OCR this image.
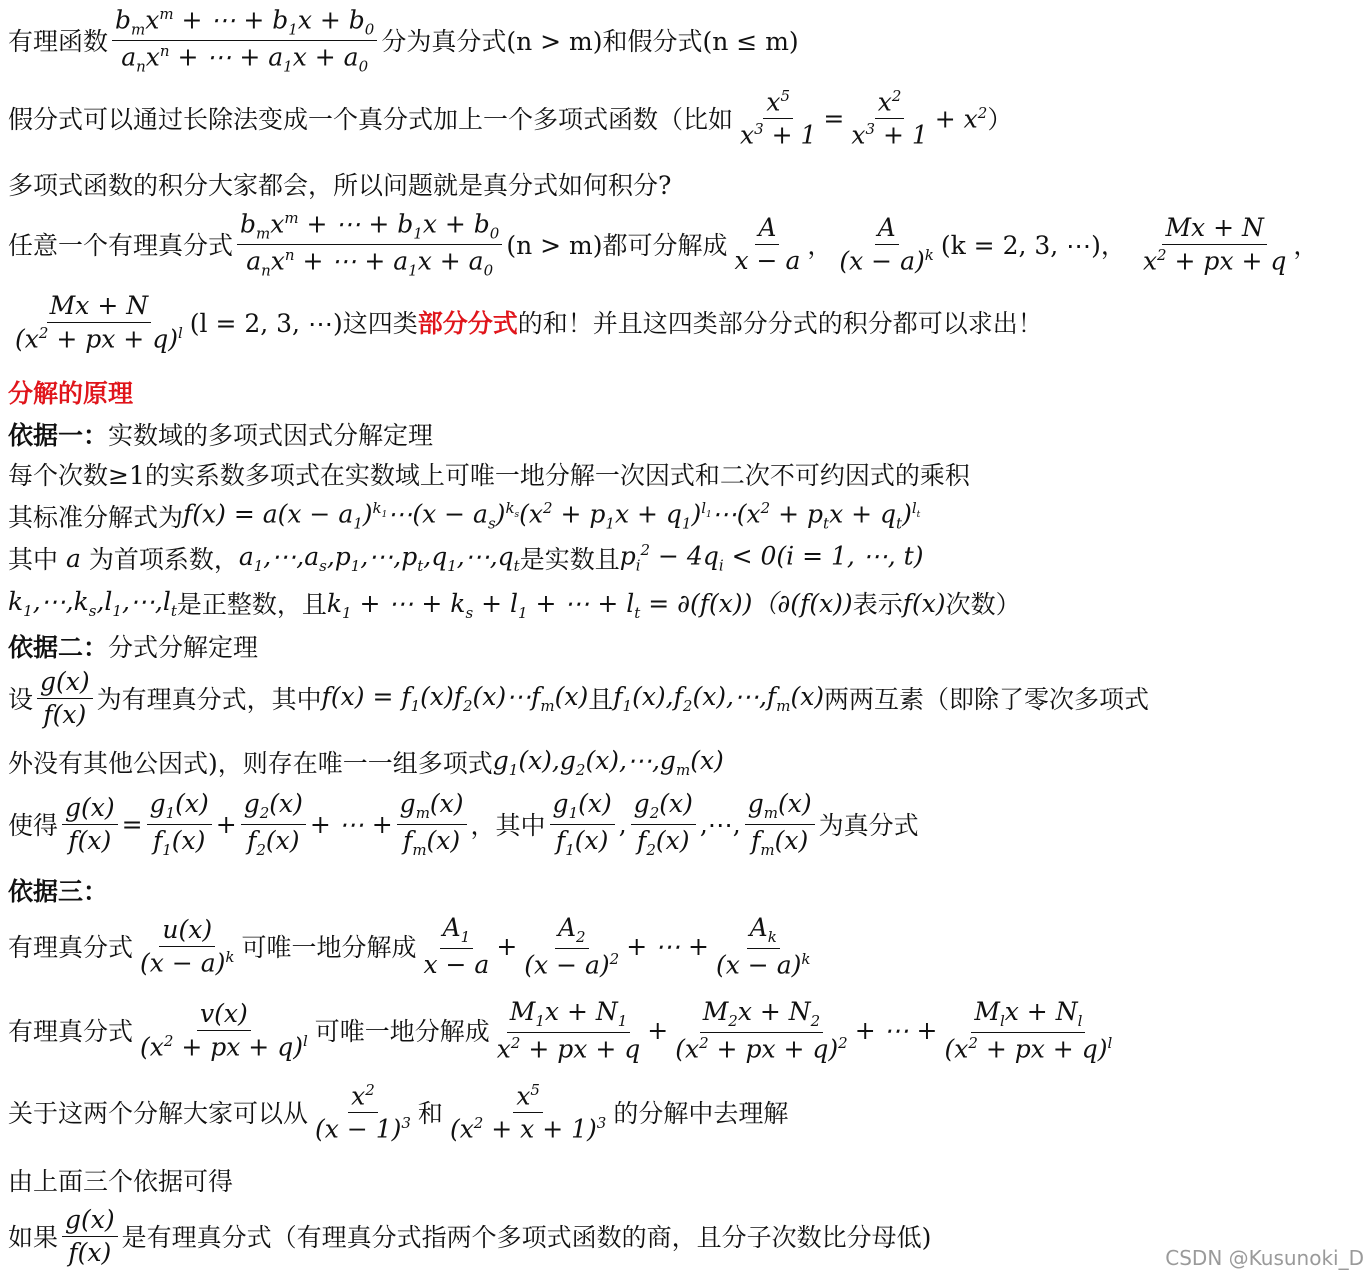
有理函数 $\frac{b_mx^m + \cdots + b_1x + b_0}{a_nx^n + \cdots + a_1x + a_0}$ 分为真分式(n > m)和假分式(n ≤ m)
假分式可以通过长除法变成一个真分式加上一个多项式函数（比如 $\frac{x^5}{x^3 + 1} = \frac{x^2}{x^3 + 1} + x^2$ ）
多项式函数的积分大家都会，所以问题就是真分式如何积分?
任意一个有理真分式 $\frac{b_mx^m + \cdots + b_1x + b_0}{a_nx^n + \cdots + a_1x + a_0} (n > m)$都可分解成 $\frac{A}{x - a}$ ， $\frac{A}{(x - a)^k} (k = 2$, 3, ⋯)， $\frac{Mx + N}{x^2 + px + q}$ ，
$\frac{Mx + N}{(x^2 + px + q)^l} (l = 2$, 3, ⋯)这四类 部分分式 的和！并且这四类部分分式的积分都可以求出！
分解的原理
依据一： 实数域的多项式因式分解定理
每个次数≥1的实系数多项式在实数域上可唯一地分解一次因式和二次不可约因式的乘积
其标准分解式为 $f(x) = a(x - a_1)^{k_1}\cdots(x - a_s)^{k_s}(x^2 + p_1x$ + $q_1)^{l_1}\cdots(x^2 + p_tx + q_t)^{l_t}$
其中 a 为首项系数， $a_1,\cdots,a_s,p_1,\cdots,p_t,q_1,\cdots,q_t$ 是实数且 $p_i^2 - 4q_i < 0(i = 1$, ⋯, t)
$k_1,\cdots,k_s,l_1,\cdots,l_t$ 是正整数，且 $k_1$ + ⋯ + $k_s + l_1$ + ⋯ + $l_t = \partial(f(x))(\partial(f(x))$ 表示 f(x) 次数）
依据二： 分式分解定理
设 $\frac{g(x)}{f(x)}$ 为有理真分式，其中 $f(x) = f_1(x)f_2(x)\cdots f_m(x)$ 且 $f_1(x),f_2(x),\cdots,f_m(x)$ 两两互素（即除了零次多项式
外没有其他公因式)，则存在唯一一组多项式 $g_1(x),g_2(x),\cdots,g_m(x)$
使得 $\frac{g(x)}{f(x)} = \frac{g_1(x)}{f_1(x)} + \frac{g_2(x)}{f_2(x)}$ + ⋯ + $\frac{g_m(x)}{f_m(x)}$ ，其中 $\frac{g_1(x)}{f_1(x)}$ , $\frac{g_2(x)}{f_2(x)}$ ,⋯, $\frac{g_m(x)}{f_m(x)}$ 为真分式
依据三：
有理真分式 $\frac{u(x)}{(x - a)^k}$ 可唯一地分解成 $\frac{A_1}{x - a} + \frac{A_2}{(x - a)^2}$ + ⋯ + $\frac{A_k}{(x - a)^k}$
有理真分式 $\frac{v(x)}{(x^2 + px + q)^l}$ 可唯一地分解成 $\frac{M_1x + N_1}{x^2 + px + q} + \frac{M_2x + N_2}{(x^2 + px + q)^2}$ + ⋯ + $\frac{M_lx + N_l}{(x^2 + px + q)^l}$
关于这两个分解大家可以从 $\frac{x^2}{(x - 1)^3}$ 和 $\frac{x^5}{(x^2 + x + 1)^3}$ 的分解中去理解
由上面三个依据可得
如果 $\frac{g(x)}{f(x)}$ 是有理真分式（有理真分式指两个多项式函数的商，且分子次数比分母低)
CSDN @Kusunoki_D
